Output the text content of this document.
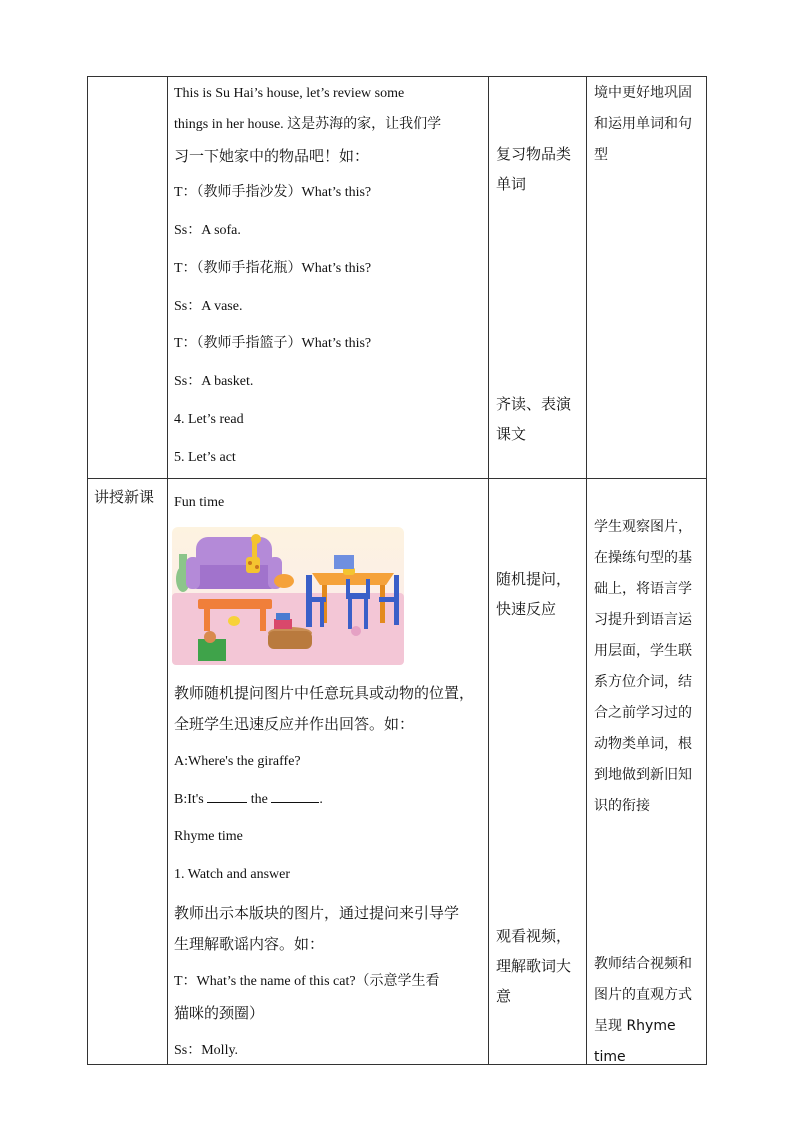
This is Su Hai’s house, let’s review some
things in her house. 这是苏海的家，让我们学
习一下她家中的物品吧！如：
T：（教师手指沙发）What’s this?
Ss：A sofa.
T：（教师手指花瓶）What’s this?
Ss：A vase.
T：（教师手指篮子）What’s this?
Ss：A basket.
4. Let’s read
5. Let’s act
复习物品类单词
齐读、表演课文
境中更好地巩固和运用单词和句型
讲授新课 Fun time
教师随机提问图片中任意玩具或动物的位置，
全班学生迅速反应并作出回答。如：
A:Where's the giraffe?
B:It's	the	.
Rhyme time
1. Watch and answer
教师出示本版块的图片，通过提问来引导学
生理解歌谣内容。如：
T：What’s the name of this cat?（示意学生看
猫咪的颈圈）
Ss：Molly.
随机提问，快速反应
观看视频，理解歌词大意
学生观察图片，在操练句型的基础上，将语言学习提升到语言运用层面，学生联系方位介词，结合之前学习过的动物类单词，根到地做到新旧知识的衔接
教师结合视频和图片的直观方式呈现 Rhyme time
